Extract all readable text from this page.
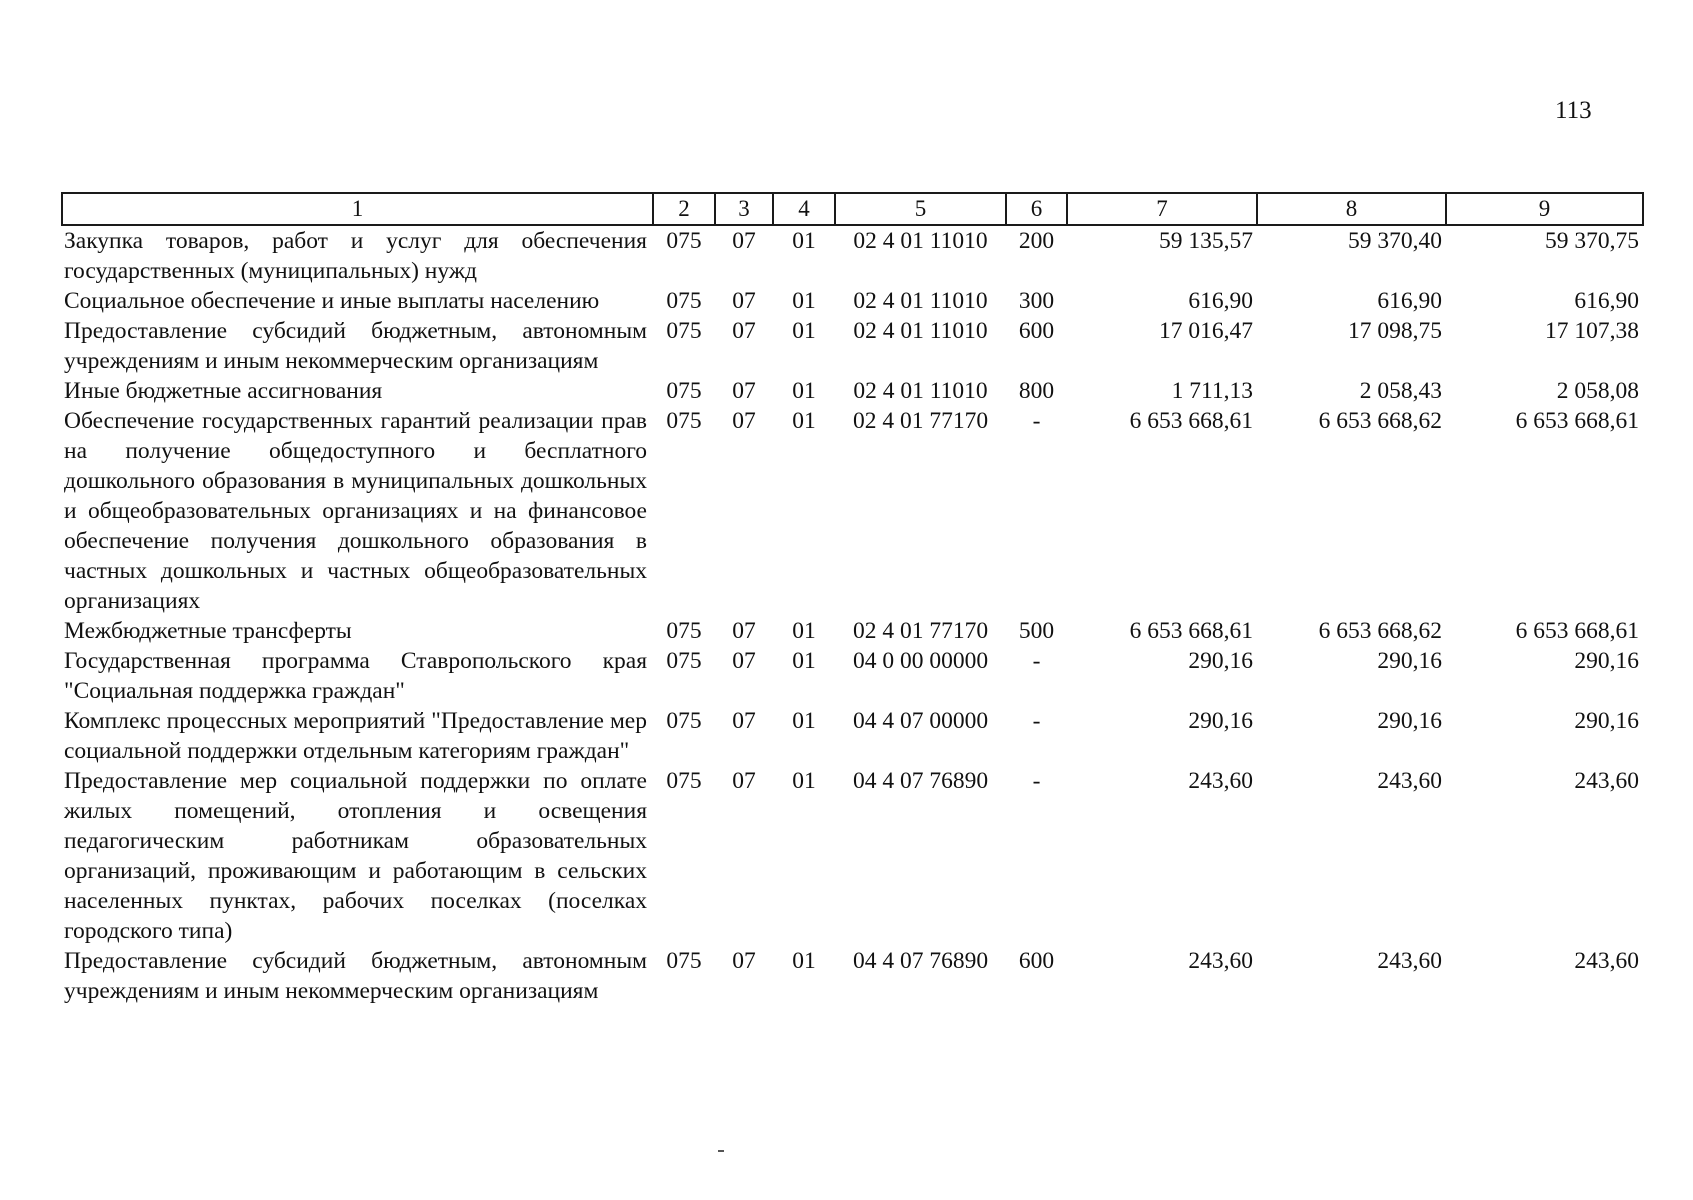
113
1	2	3	4	5	6	7	8	9
Закупка товаров, работ и услуг для обеспечения государственных (муниципальных) нужд	075	07	01	02 4 01 11010	200	59 135,57	59 370,40	59 370,75
Социальное обеспечение и иные выплаты населению	075	07	01	02 4 01 11010	300	616,90	616,90	616,90
Предоставление субсидий бюджетным, автономным учреждениям и иным некоммерческим организациям	075	07	01	02 4 01 11010	600	17 016,47	17 098,75	17 107,38
Иные бюджетные ассигнования	075	07	01	02 4 01 11010	800	1 711,13	2 058,43	2 058,08
Обеспечение государственных гарантий реализации прав на получение общедоступного и бесплатного дошкольного образования в муниципальных дошкольных и общеобразовательных организациях и на финансовое обеспечение получения дошкольного образования в частных дошкольных и частных общеобразовательных организациях	075	07	01	02 4 01 77170	-	6 653 668,61	6 653 668,62	6 653 668,61
Межбюджетные трансферты	075	07	01	02 4 01 77170	500	6 653 668,61	6 653 668,62	6 653 668,61
Государственная программа Ставропольского края "Социальная поддержка граждан"	075	07	01	04 0 00 00000	-	290,16	290,16	290,16
Комплекс процессных мероприятий "Предоставление мер социальной поддержки отдельным категориям граждан"	075	07	01	04 4 07 00000	-	290,16	290,16	290,16
Предоставление мер социальной поддержки по оплате жилых помещений, отопления и освещения педагогическим работникам образовательных организаций, проживающим и работающим в сельских населенных пунктах, рабочих поселках (поселках городского типа)	075	07	01	04 4 07 76890	-	243,60	243,60	243,60
Предоставление субсидий бюджетным, автономным учреждениям и иным некоммерческим организациям	075	07	01	04 4 07 76890	600	243,60	243,60	243,60
